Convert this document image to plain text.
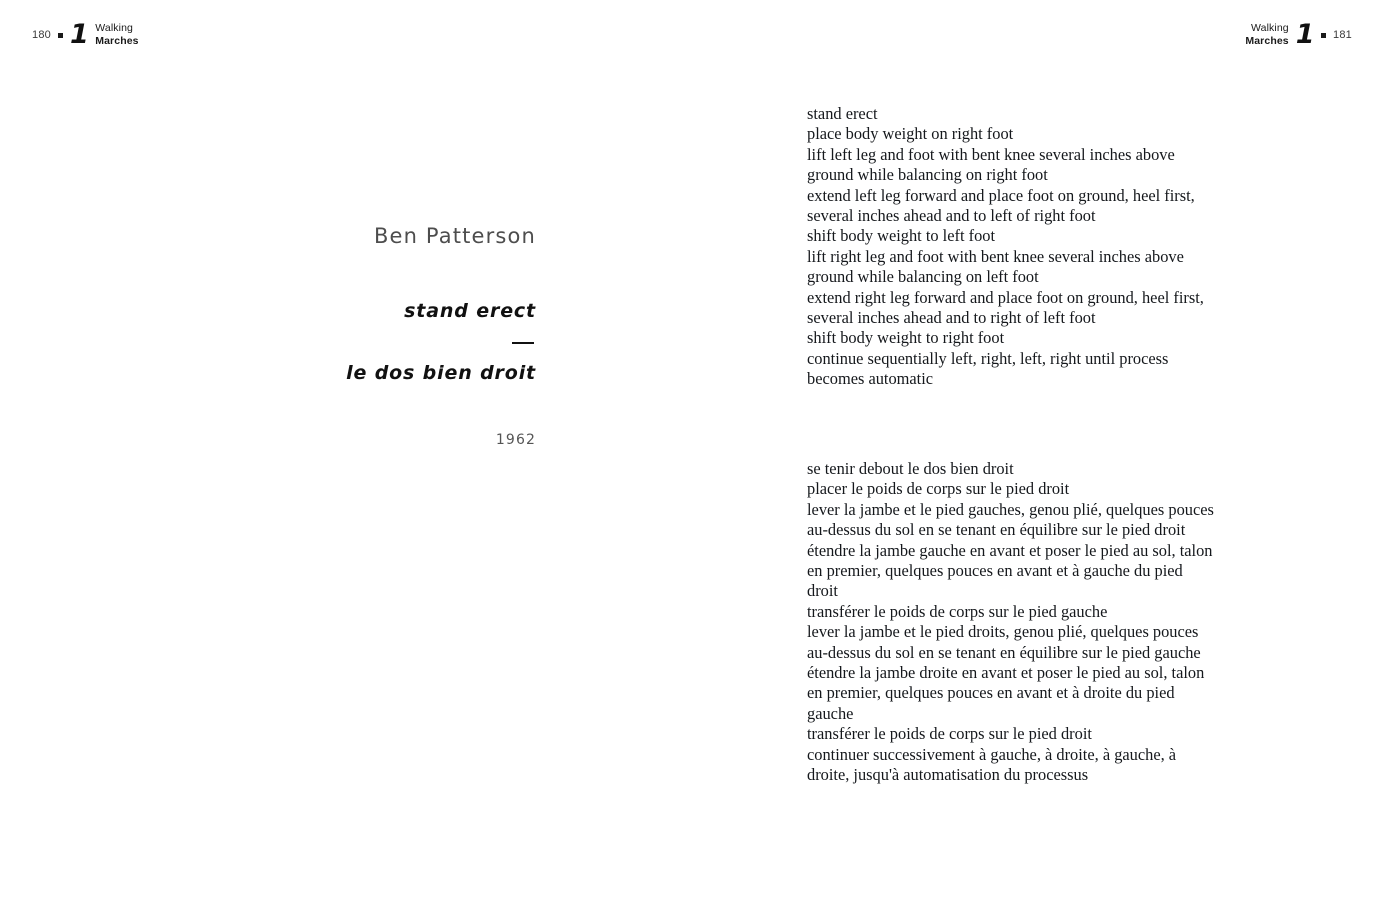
180 1 Walking
Marches
Walking
Marches 1 181
Ben Patterson
stand erect
le dos bien droit
1962

stand erect

place body weight on right foot

lift left leg and foot with bent knee several inches above

ground while balancing on right foot

extend left leg forward and place foot on ground, heel first,

several inches ahead and to left of right foot

shift body weight to left foot

lift right leg and foot with bent knee several inches above

ground while balancing on left foot

extend right leg forward and place foot on ground, heel first,

several inches ahead and to right of left foot

shift body weight to right foot

continue sequentially left, right, left, right until process

becomes automatic

se tenir debout le dos bien droit

placer le poids de corps sur le pied droit

lever la jambe et le pied gauches, genou plié, quelques pouces

au-dessus du sol en se tenant en équilibre sur le pied droit

étendre la jambe gauche en avant et poser le pied au sol, talon

en premier, quelques pouces en avant et à gauche du pied

droit

transférer le poids de corps sur le pied gauche

lever la jambe et le pied droits, genou plié, quelques pouces

au-dessus du sol en se tenant en équilibre sur le pied gauche

étendre la jambe droite en avant et poser le pied au sol, talon

en premier, quelques pouces en avant et à droite du pied

gauche

transférer le poids de corps sur le pied droit

continuer successivement à gauche, à droite, à gauche, à

droite, jusqu'à automatisation du processus
